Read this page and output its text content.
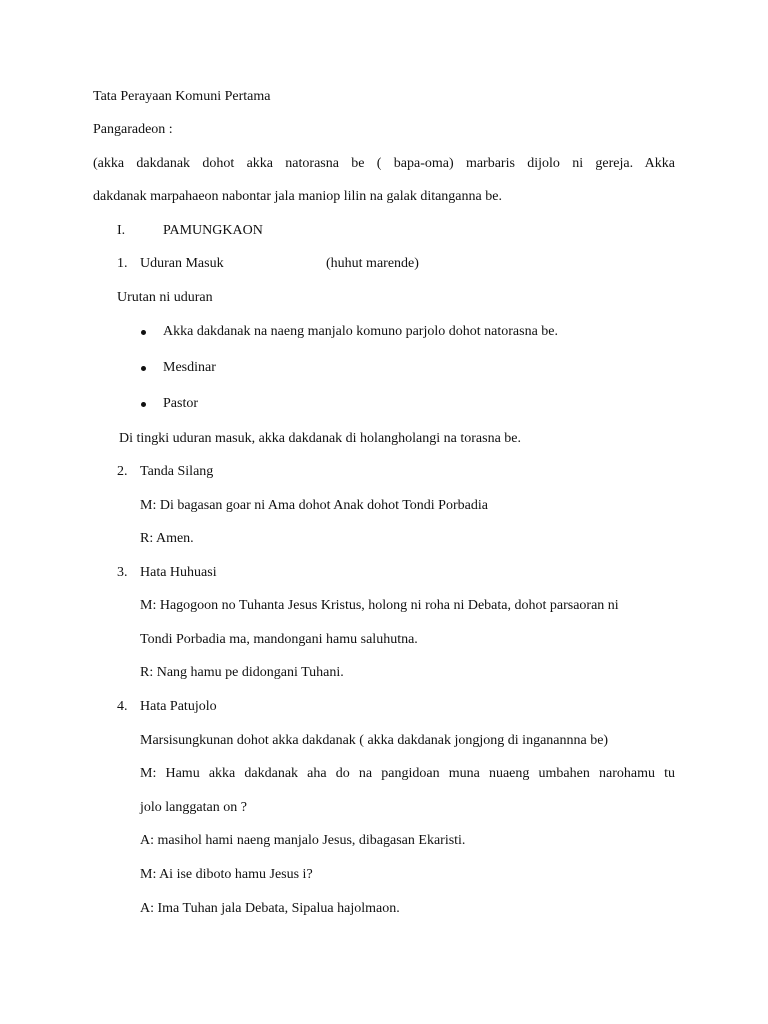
Tata Perayaan Komuni Pertama
Pangaradeon :
(akka dakdanak dohot akka natorasna be ( bapa-oma) marbaris dijolo ni gereja. Akka
dakdanak marpahaeon nabontar jala maniop lilin na galak ditanganna be.
I.	PAMUNGKAON
1. Uduran Masuk	(huhut marende)
Urutan ni uduran
Akka dakdanak na naeng manjalo komuno parjolo dohot natorasna be.
Mesdinar
Pastor
Di tingki uduran masuk, akka dakdanak di holangholangi na torasna be.
2. Tanda Silang
M: Di bagasan goar ni Ama dohot Anak dohot Tondi Porbadia
R: Amen.
3. Hata Huhuasi
M: Hagogoon no Tuhanta Jesus Kristus, holong ni roha ni Debata, dohot parsaoran ni
Tondi Porbadia ma, mandongani hamu saluhutna.
R: Nang hamu pe didongani Tuhani.
4. Hata Patujolo
Marsisungkunan dohot akka dakdanak ( akka dakdanak jongjong di inganannna be)
M: Hamu akka dakdanak aha do na pangidoan muna nuaeng umbahen narohamu tu
jolo langgatan on ?
A: masihol hami naeng manjalo Jesus, dibagasan Ekaristi.
M: Ai ise diboto hamu Jesus i?
A: Ima Tuhan jala Debata, Sipalua hajolmaon.
